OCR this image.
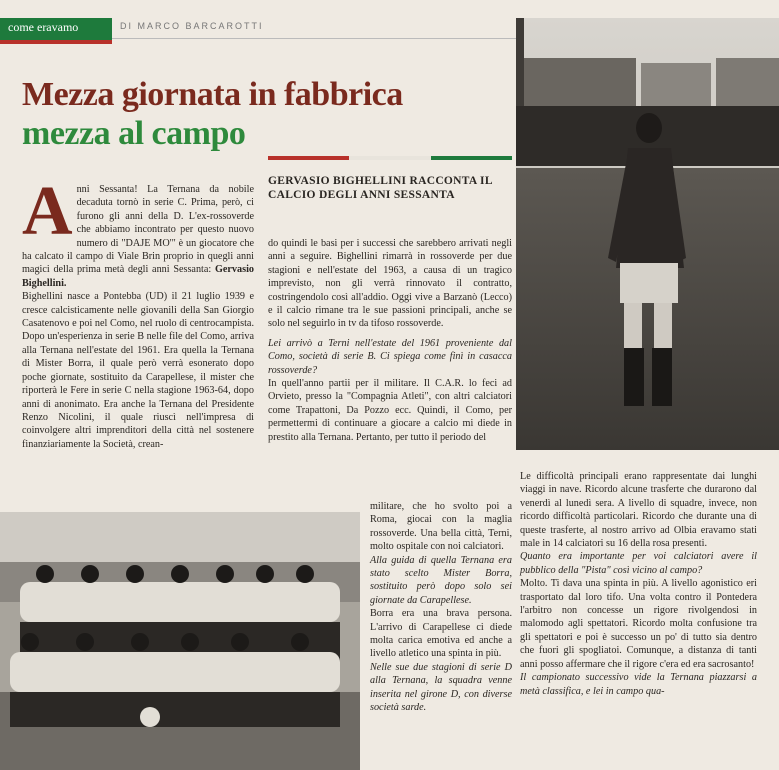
come eravamo	DI MARCO BARCAROTTI
Mezza giornata in fabbrica
mezza al campo
GERVASIO BIGHELLINI RACCONTA IL CALCIO DEGLI ANNI SESSANTA

Anni Sessanta! La Ternana da nobile decaduta tornò in serie C. Prima, però, ci furono gli anni della D. L'ex-rossoverde che abbiamo incontrato per questo nuovo numero di "DAJE MO'" è un giocatore che ha calcato il campo di Viale Brin proprio in quegli anni magici della prima metà degli anni Sessanta: Gervasio Bighellini.

Bighellini nasce a Pontebba (UD) il 21 luglio 1939 e cresce calcisticamente nelle giovanili della San Giorgio Casatenovo e poi nel Como, nel ruolo di centrocampista. Dopo un'esperienza in serie B nelle file del Como, arriva alla Ternana nell'estate del 1961. Era quella la Ternana di Mister Borra, il quale però verrà esonerato dopo poche giornate, sostituito da Carapellese, il mister che riporterà le Fere in serie C nella stagione 1963-64, dopo anni di anonimato. Era anche la Ternana del Presidente Renzo Nicolini, il quale riuscì nell'impresa di coinvolgere altri imprenditori della città nel sostenere finanziariamente la Società, crean-

do quindi le basi per i successi che sarebbero arrivati negli anni a seguire. Bighellini rimarrà in rossoverde per due stagioni e nell'estate del 1963, a causa di un tragico imprevisto, non gli verrà rinnovato il contratto, costringendolo così all'addio. Oggi vive a Barzanò (Lecco) e il calcio rimane tra le sue passioni principali, anche se solo nel seguirlo in tv da tifoso rossoverde.

Lei arrivò a Terni nell'estate del 1961 proveniente dal Como, società di serie B. Ci spiega come finì in casacca rossoverde?

In quell'anno partii per il militare. Il C.A.R. lo feci ad Orvieto, presso la "Compagnia Atleti", con altri calciatori come Trapattoni, Da Pozzo ecc. Quindi, il Como, per permettermi di continuare a giocare a calcio mi diede in prestito alla Ternana. Pertanto, per tutto il periodo del

militare, che ho svolto poi a Roma, giocai con la maglia rossoverde. Una bella città, Terni, molto ospitale con noi calciatori.

Alla guida di quella Ternana era stato scelto Mister Borra, sostituito però dopo solo sei giornate da Carapellese.

Borra era una brava persona. L'arrivo di Carapellese ci diede molta carica emotiva ed anche a livello atletico una spinta in più.

Nelle sue due stagioni di serie D alla Ternana, la squadra venne inserita nel girone D, con diverse società sarde.

Le difficoltà principali erano rappresentate dai lunghi viaggi in nave. Ricordo alcune trasferte che durarono dal venerdì al lunedì sera. A livello di squadre, invece, non ricordo difficoltà particolari. Ricordo che durante una di queste trasferte, al nostro arrivo ad Olbia eravamo stati male in 14 calciatori su 16 della rosa presenti.

Quanto era importante per voi calciatori avere il pubblico della "Pista" così vicino al campo?

Molto. Ti dava una spinta in più. A livello agonistico eri trasportato dal loro tifo. Una volta contro il Pontedera l'arbitro non concesse un rigore rivolgendosi in malomodo agli spettatori. Ricordo molta confusione tra gli spettatori e poi è successo un po' di tutto sia dentro che fuori gli spogliatoi. Comunque, a distanza di tanti anni posso affermare che il rigore c'era ed era sacrosanto!

Il campionato successivo vide la Ternana piazzarsi a metà classifica, e lei in campo qua-
